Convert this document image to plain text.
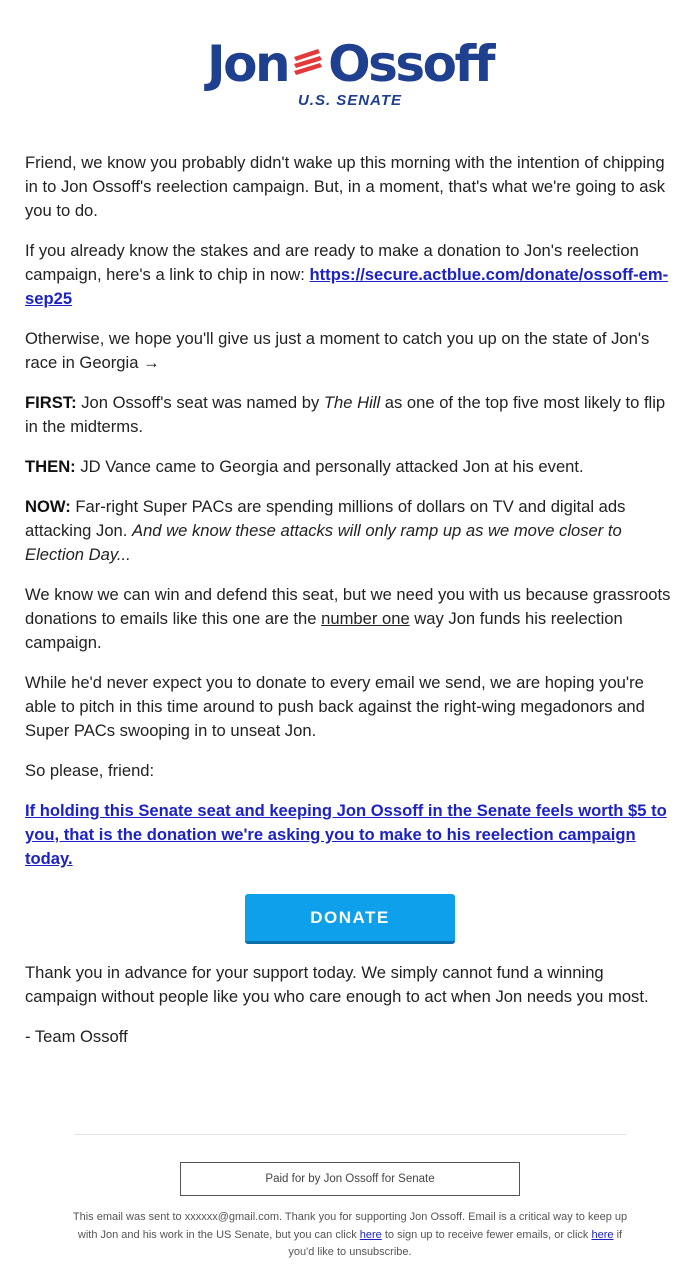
Jon Ossoff
U.S. SENATE

Friend, we know you probably didn't wake up this morning with the intention of chipping in to Jon Ossoff's reelection campaign. But, in a moment, that's what we're going to ask you to do.

If you already know the stakes and are ready to make a donation to Jon's reelection campaign, here's a link to chip in now: https://secure.actblue.com/donate/ossoff-em-sep25

Otherwise, we hope you'll give us just a moment to catch you up on the state of Jon's race in Georgia →

FIRST: Jon Ossoff's seat was named by The Hill as one of the top five most likely to flip in the midterms.

THEN: JD Vance came to Georgia and personally attacked Jon at his event.

NOW: Far-right Super PACs are spending millions of dollars on TV and digital ads attacking Jon. And we know these attacks will only ramp up as we move closer to Election Day...

We know we can win and defend this seat, but we need you with us because grassroots donations to emails like this one are the number one way Jon funds his reelection campaign.

While he'd never expect you to donate to every email we send, we are hoping you're able to pitch in this time around to push back against the right-wing megadonors and Super PACs swooping in to unseat Jon.

So please, friend:

If holding this Senate seat and keeping Jon Ossoff in the Senate feels worth $5 to you, that is the donation we're asking you to make to his reelection campaign today.

DONATE

Thank you in advance for your support today. We simply cannot fund a winning campaign without people like you who care enough to act when Jon needs you most.

- Team Ossoff

Paid for by Jon Ossoff for Senate
This email was sent to xxxxxx@gmail.com. Thank you for supporting Jon Ossoff. Email is a critical way to keep up with Jon and his work in the US Senate, but you can click here to sign up to receive fewer emails, or click here if you'd like to unsubscribe.
